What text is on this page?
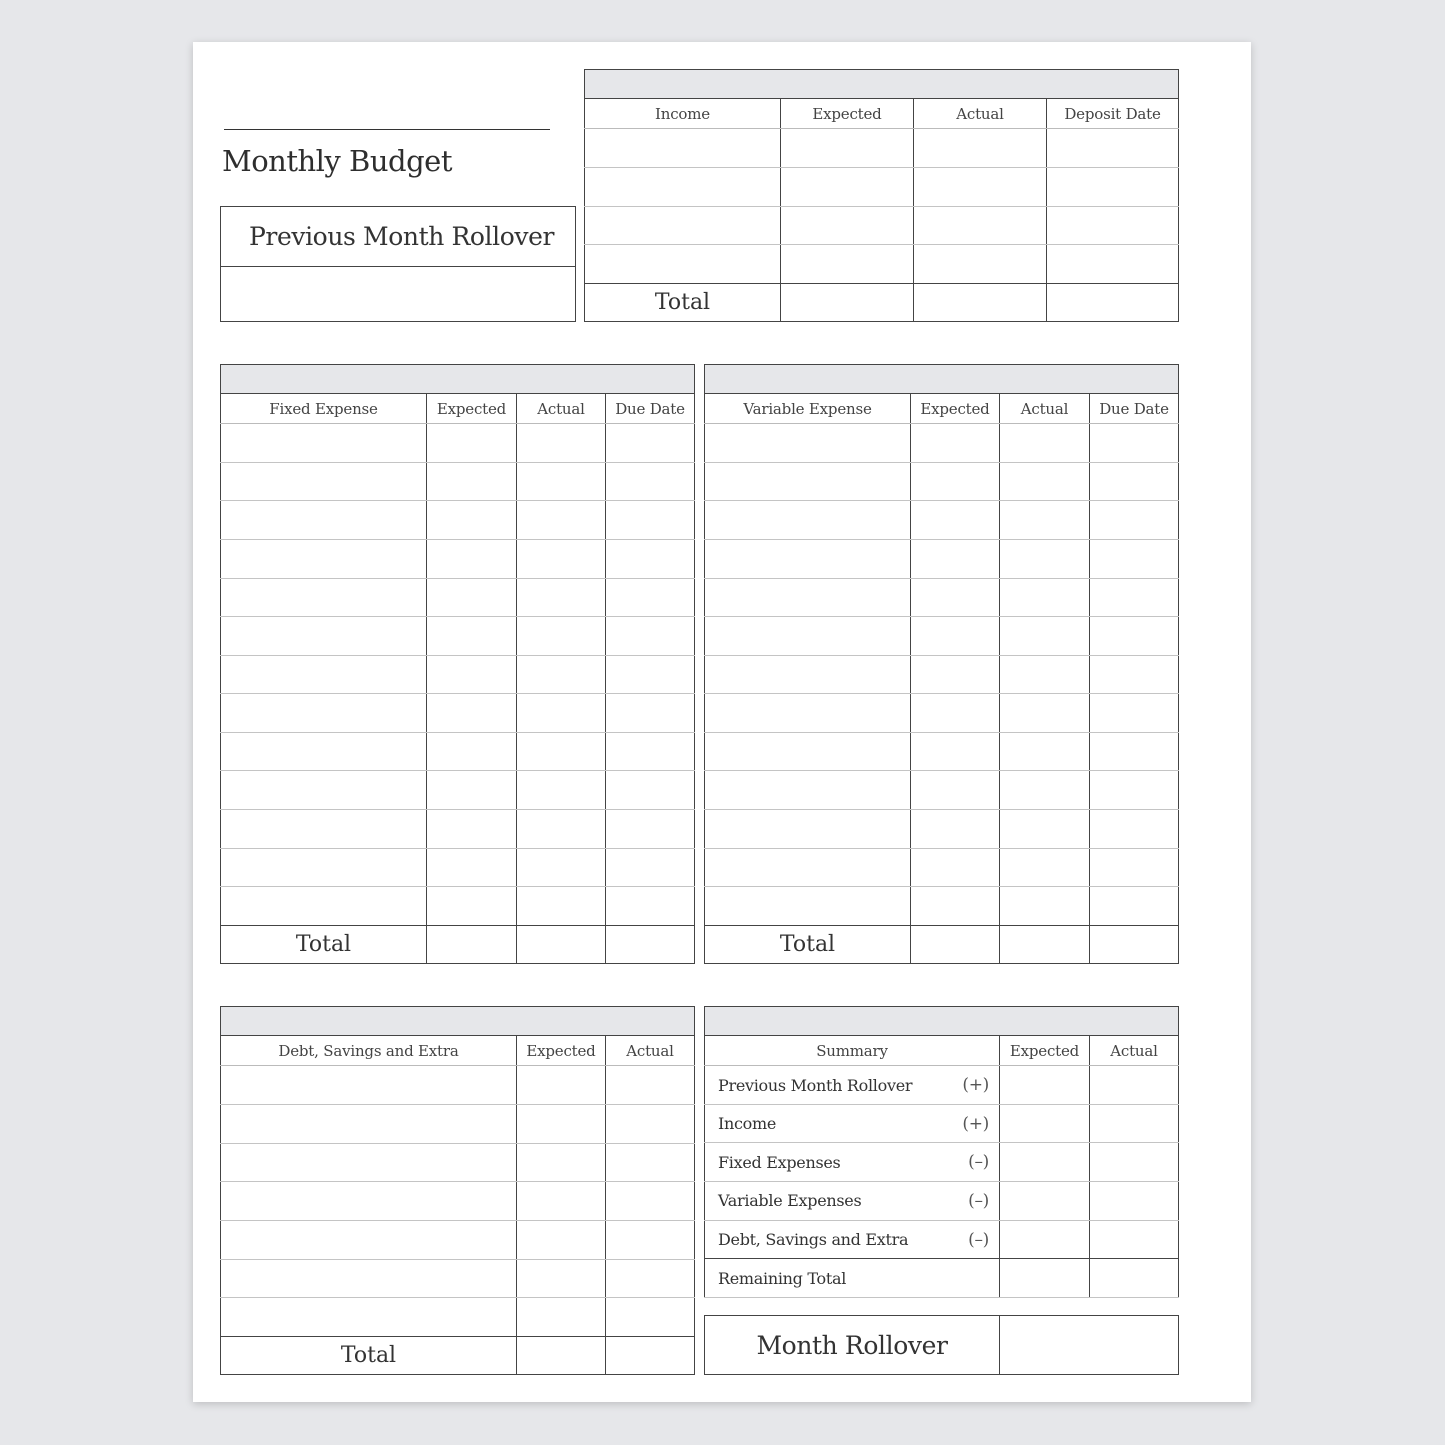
Monthly Budget
Previous Month Rollover

Income	Expected	Actual	Deposit Date

Total			

Fixed Expense	Expected	Actual	Due Date

Total			

Variable Expense	Expected	Actual	Due Date

Total			

Debt, Savings and Extra	Expected	Actual

Total		

Summary	Expected	Actual

Previous Month Rollover (+)		

Income (+)		

Fixed Expenses (–)		

Variable Expenses (–)		

Debt, Savings and Extra (–)		

Remaining Total		
Month Rollover
